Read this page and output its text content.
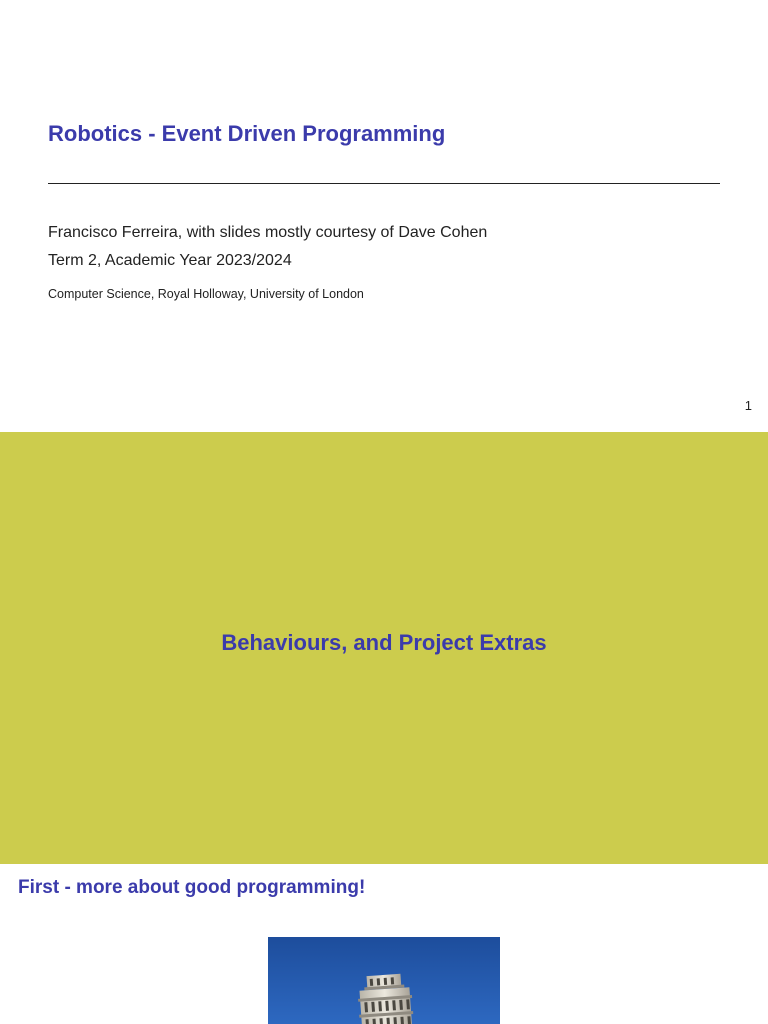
Robotics - Event Driven Programming
Francisco Ferreira, with slides mostly courtesy of Dave Cohen
Term 2, Academic Year 2023/2024
Computer Science, Royal Holloway, University of London
1
Behaviours, and Project Extras
First - more about good programming!
